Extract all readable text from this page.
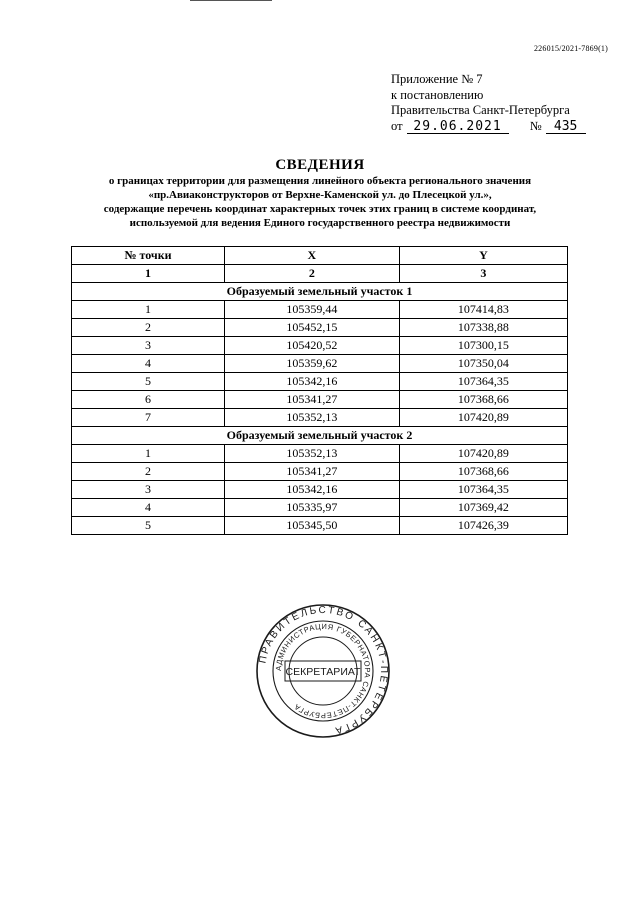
226015/2021-7869(1)
Приложение № 7
к постановлению
Правительства Санкт-Петербурга
от 29.06.2021 № 435
СВЕДЕНИЯ
о границах территории для размещения линейного объекта регионального значения
«пр.Авиаконструкторов от Верхне-Каменской ул. до Плесецкой ул.»,
содержащие перечень координат характерных точек этих границ в системе координат,
используемой для ведения Единого государственного реестра недвижимости
№ точки	X	Y
1	2	3
Образуемый земельный участок 1		
1	105359,44	107414,83
2	105452,15	107338,88
3	105420,52	107300,15
4	105359,62	107350,04
5	105342,16	107364,35
6	105341,27	107368,66
7	105352,13	107420,89
Образуемый земельный участок 2		
1	105352,13	107420,89
2	105341,27	107368,66
3	105342,16	107364,35
4	105335,97	107369,42
5	105345,50	107426,39
ПРАВИТЕЛЬСТВО САНКТ-ПЕТЕРБУРГА
АДМИНИСТРАЦИЯ ГУБЕРНАТОРА САНКТ-ПЕТЕРБУРГА
СЕКРЕТАРИАТ
